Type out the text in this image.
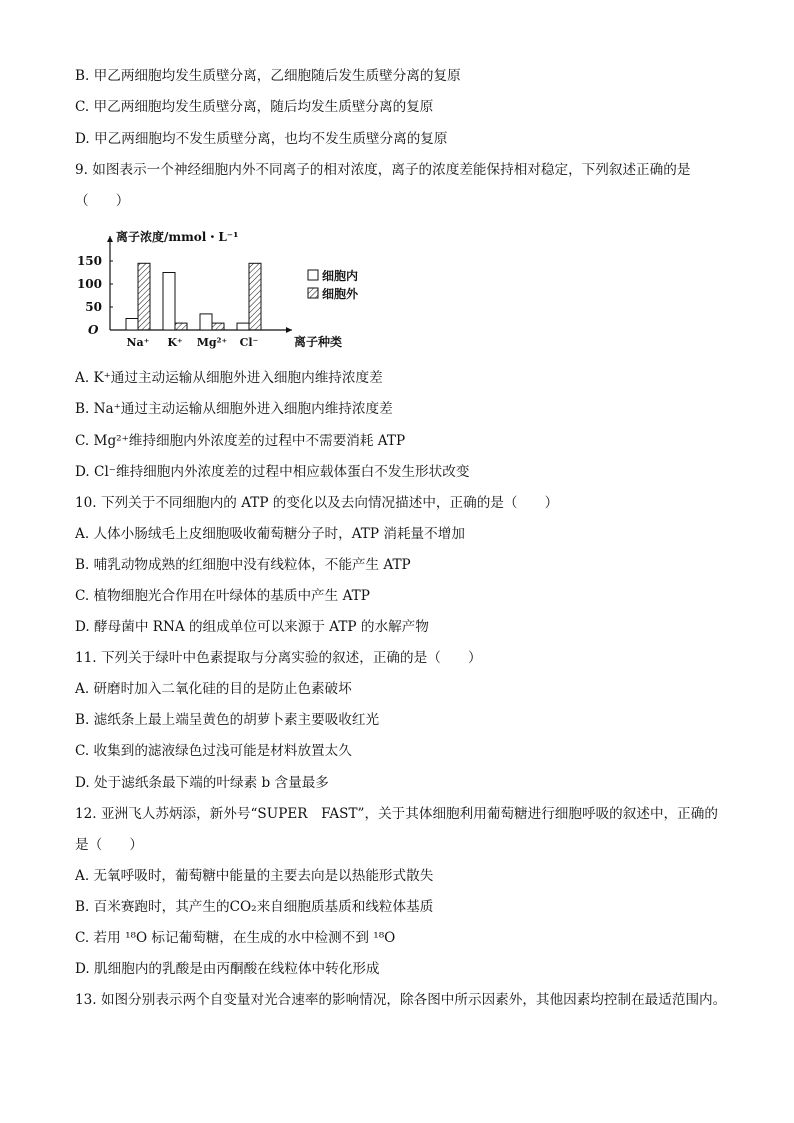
B. 甲乙两细胞均发生质壁分离，乙细胞随后发生质壁分离的复原
C. 甲乙两细胞均发生质壁分离，随后均发生质壁分离的复原
D. 甲乙两细胞均不发生质壁分离，也均不发生质壁分离的复原
9. 如图表示一个神经细胞内外不同离子的相对浓度，离子的浓度差能保持相对稳定，下列叙述正确的是
（　　）
离子浓度/mmol・L⁻¹
离子种类
O
50
100
150
Na⁺ K⁺ Mg²⁺ Cl⁻
细胞内
细胞外
A. K⁺通过主动运输从细胞外进入细胞内维持浓度差
B. Na⁺通过主动运输从细胞外进入细胞内维持浓度差
C. Mg²⁺维持细胞内外浓度差的过程中不需要消耗 ATP
D. Cl⁻维持细胞内外浓度差的过程中相应载体蛋白不发生形状改变
10. 下列关于不同细胞内的 ATP 的变化以及去向情况描述中，正确的是（　　）
A. 人体小肠绒毛上皮细胞吸收葡萄糖分子时，ATP 消耗量不增加
B. 哺乳动物成熟的红细胞中没有线粒体，不能产生 ATP
C. 植物细胞光合作用在叶绿体的基质中产生 ATP
D. 酵母菌中 RNA 的组成单位可以来源于 ATP 的水解产物
11. 下列关于绿叶中色素提取与分离实验的叙述，正确的是（　　）
A. 研磨时加入二氧化硅的目的是防止色素破坏
B. 滤纸条上最上端呈黄色的胡萝卜素主要吸收红光
C. 收集到的滤液绿色过浅可能是材料放置太久
D. 处于滤纸条最下端的叶绿素 b 含量最多
12. 亚洲飞人苏炳添，新外号“SUPER　FAST”，关于其体细胞利用葡萄糖进行细胞呼吸的叙述中，正确的
是（　　）
A. 无氧呼吸时，葡萄糖中能量的主要去向是以热能形式散失
B. 百米赛跑时，其产生的CO₂来自细胞质基质和线粒体基质
C. 若用 ¹⁸O 标记葡萄糖，在生成的水中检测不到 ¹⁸O
D. 肌细胞内的乳酸是由丙酮酸在线粒体中转化形成
13. 如图分别表示两个自变量对光合速率的影响情况，除各图中所示因素外，其他因素均控制在最适范围内。
